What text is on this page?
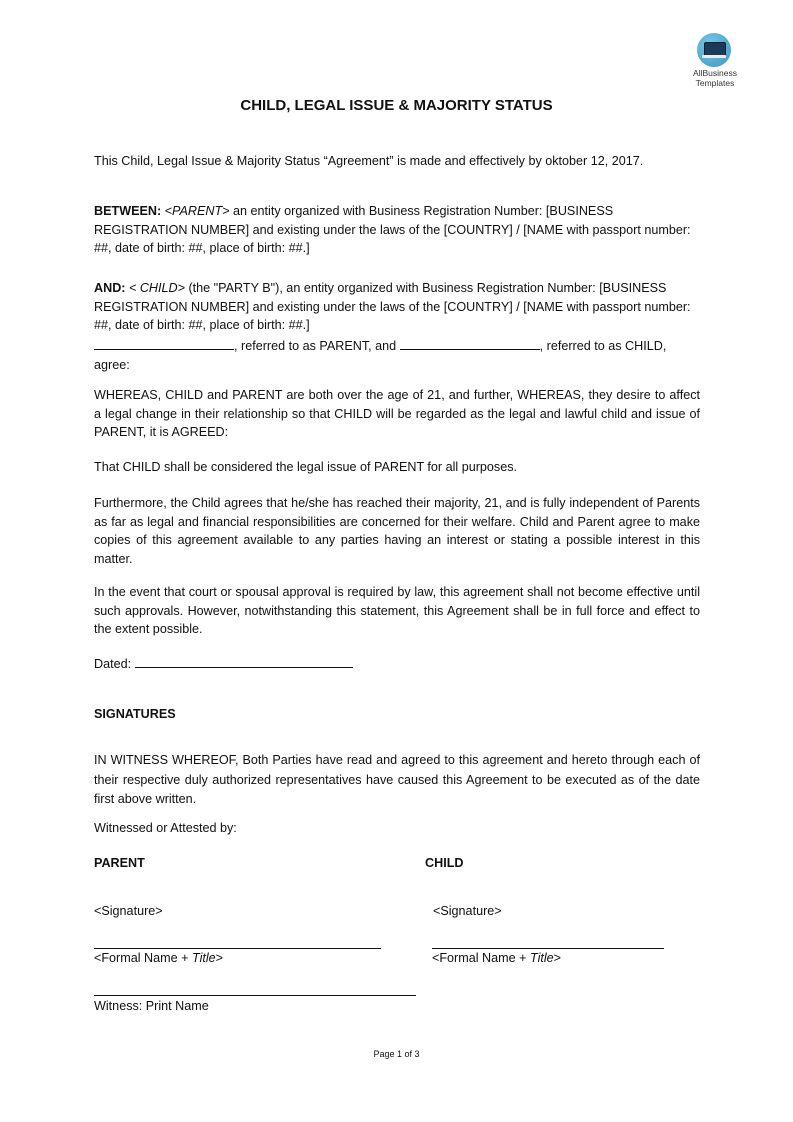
AllBusiness
Templates
CHILD, LEGAL ISSUE & MAJORITY STATUS
This Child, Legal Issue & Majority Status “Agreement” is made and effectively by oktober 12, 2017.
BETWEEN: <PARENT> an entity organized with Business Registration Number: [BUSINESS REGISTRATION NUMBER] and existing under the laws of the [COUNTRY] / [NAME with passport number: ##, date of birth: ##, place of birth: ##.]
AND: < CHILD> (the "PARTY B"), an entity organized with Business Registration Number: [BUSINESS REGISTRATION NUMBER] and existing under the laws of the [COUNTRY] / [NAME with passport number: ##, date of birth: ##, place of birth: ##.]
, referred to as PARENT, and	, referred to as CHILD,
agree:
WHEREAS, CHILD and PARENT are both over the age of 21, and further, WHEREAS, they desire to affect a legal change in their relationship so that CHILD will be regarded as the legal and lawful child and issue of PARENT, it is AGREED:
That CHILD shall be considered the legal issue of PARENT for all purposes.
Furthermore, the Child agrees that he/she has reached their majority, 21, and is fully independent of Parents as far as legal and financial responsibilities are concerned for their welfare. Child and Parent agree to make copies of this agreement available to any parties having an interest or stating a possible interest in this matter.
In the event that court or spousal approval is required by law, this agreement shall not become effective until such approvals. However, notwithstanding this statement, this Agreement shall be in full force and effect to the extent possible.
Dated:
SIGNATURES
IN WITNESS WHEREOF, Both Parties have read and agreed to this agreement and hereto through each of their respective duly authorized representatives have caused this Agreement to be executed as of the date first above written.
Witnessed or Attested by:
PARENT
<Signature>
<Formal Name + Title>
CHILD
<Signature>
<Formal Name + Title>
Witness: Print Name
Page 1 of 3
